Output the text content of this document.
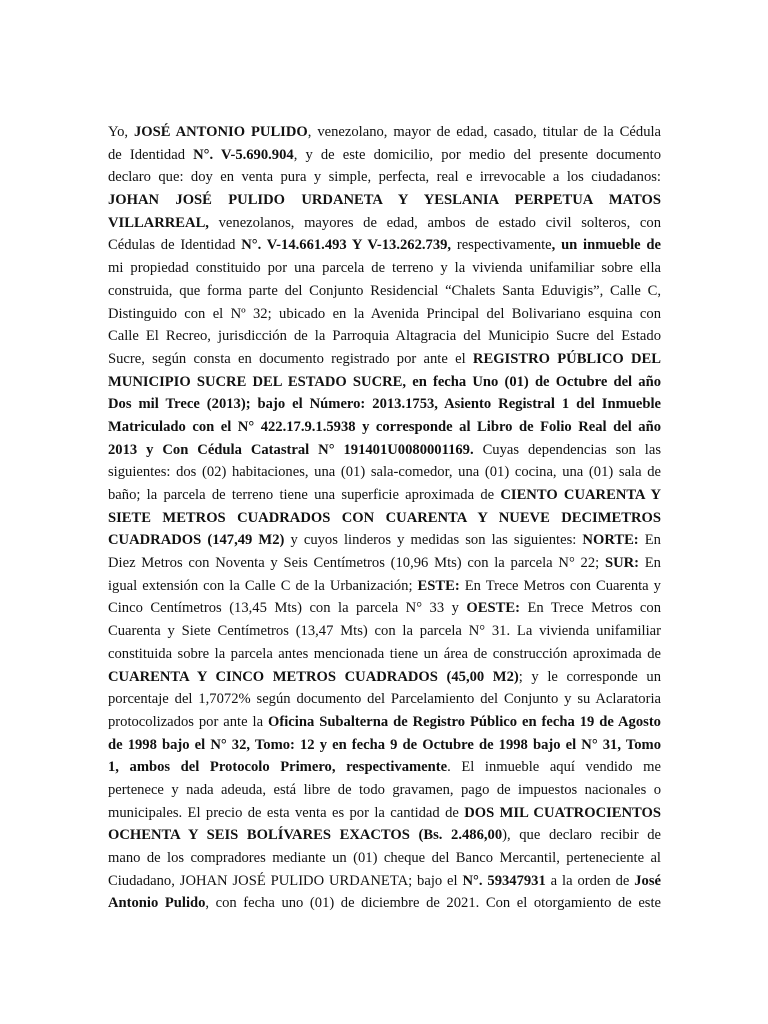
Yo, JOSÉ ANTONIO PULIDO, venezolano, mayor de edad, casado, titular de la Cédula
de Identidad N°. V-5.690.904, y de este domicilio, por medio del presente documento
declaro que: doy en venta pura y simple, perfecta, real e irrevocable a los ciudadanos:
JOHAN JOSÉ PULIDO URDANETA Y YESLANIA PERPETUA MATOS
VILLARREAL, venezolanos, mayores de edad, ambos de estado civil solteros, con
Cédulas de Identidad N°. V-14.661.493 Y V-13.262.739, respectivamente, un inmueble de
mi propiedad constituido por una parcela de terreno y la vivienda unifamiliar sobre ella
construida, que forma parte del Conjunto Residencial “Chalets Santa Eduvigis”, Calle C,
Distinguido con el Nº 32; ubicado en la Avenida Principal del Bolivariano esquina con
Calle El Recreo, jurisdicción de la Parroquia Altagracia del Municipio Sucre del Estado
Sucre, según consta en documento registrado por ante el REGISTRO PÚBLICO DEL
MUNICIPIO SUCRE DEL ESTADO SUCRE, en fecha Uno (01) de Octubre del año
Dos mil Trece (2013); bajo el Número: 2013.1753, Asiento Registral 1 del Inmueble
Matriculado con el N° 422.17.9.1.5938 y corresponde al Libro de Folio Real del año
2013 y Con Cédula Catastral N° 191401U0080001169. Cuyas dependencias son las
siguientes: dos (02) habitaciones, una (01) sala-comedor, una (01) cocina, una (01) sala de
baño; la parcela de terreno tiene una superficie aproximada de CIENTO CUARENTA Y
SIETE METROS CUADRADOS CON CUARENTA Y NUEVE DECIMETROS
CUADRADOS (147,49 M2) y cuyos linderos y medidas son las siguientes: NORTE: En
Diez Metros con Noventa y Seis Centímetros (10,96 Mts) con la parcela N° 22; SUR: En
igual extensión con la Calle C de la Urbanización; ESTE: En Trece Metros con Cuarenta y
Cinco Centímetros (13,45 Mts) con la parcela N° 33 y OESTE: En Trece Metros con
Cuarenta y Siete Centímetros (13,47 Mts) con la parcela N° 31. La vivienda unifamiliar
constituida sobre la parcela antes mencionada tiene un área de construcción aproximada de
CUARENTA Y CINCO METROS CUADRADOS (45,00 M2); y le corresponde un
porcentaje del 1,7072% según documento del Parcelamiento del Conjunto y su Aclaratoria
protocolizados por ante la Oficina Subalterna de Registro Público en fecha 19 de Agosto
de 1998 bajo el N° 32, Tomo: 12 y en fecha 9 de Octubre de 1998 bajo el N° 31, Tomo
1, ambos del Protocolo Primero, respectivamente. El inmueble aquí vendido me
pertenece y nada adeuda, está libre de todo gravamen, pago de impuestos nacionales o
municipales. El precio de esta venta es por la cantidad de DOS MIL CUATROCIENTOS
OCHENTA Y SEIS BOLÍVARES EXACTOS (Bs. 2.486,00), que declaro recibir de
mano de los compradores mediante un (01) cheque del Banco Mercantil, perteneciente al
Ciudadano, JOHAN JOSÉ PULIDO URDANETA; bajo el N°. 59347931 a la orden de José
Antonio Pulido, con fecha uno (01) de diciembre de 2021. Con el otorgamiento de este
